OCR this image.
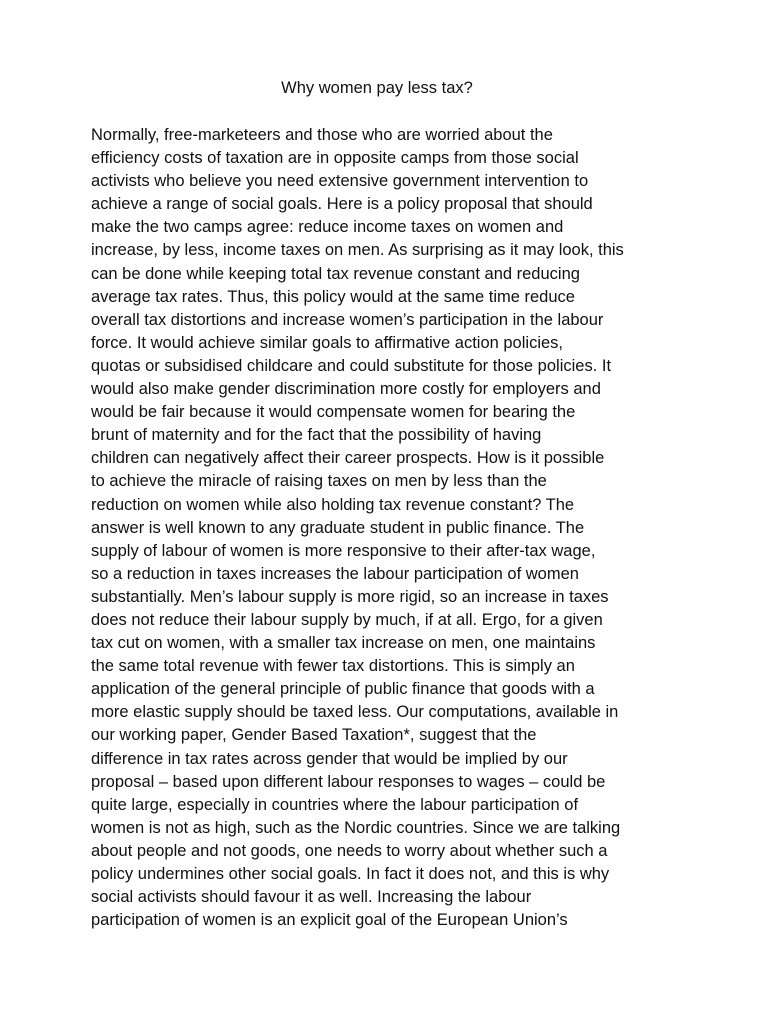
Why women pay less tax?
Normally, free-marketeers and those who are worried about the
efficiency costs of taxation are in opposite camps from those social
activists who believe you need extensive government intervention to
achieve a range of social goals. Here is a policy proposal that should
make the two camps agree: reduce income taxes on women and
increase, by less, income taxes on men. As surprising as it may look, this
can be done while keeping total tax revenue constant and reducing
average tax rates. Thus, this policy would at the same time reduce
overall tax distortions and increase women’s participation in the labour
force. It would achieve similar goals to affirmative action policies,
quotas or subsidised childcare and could substitute for those policies. It
would also make gender discrimination more costly for employers and
would be fair because it would compensate women for bearing the
brunt of maternity and for the fact that the possibility of having
children can negatively affect their career prospects. How is it possible
to achieve the miracle of raising taxes on men by less than the
reduction on women while also holding tax revenue constant? The
answer is well known to any graduate student in public finance. The
supply of labour of women is more responsive to their after-tax wage,
so a reduction in taxes increases the labour participation of women
substantially. Men’s labour supply is more rigid, so an increase in taxes
does not reduce their labour supply by much, if at all. Ergo, for a given
tax cut on women, with a smaller tax increase on men, one maintains
the same total revenue with fewer tax distortions. This is simply an
application of the general principle of public finance that goods with a
more elastic supply should be taxed less. Our computations, available in
our working paper, Gender Based Taxation*, suggest that the
difference in tax rates across gender that would be implied by our
proposal – based upon different labour responses to wages – could be
quite large, especially in countries where the labour participation of
women is not as high, such as the Nordic countries. Since we are talking
about people and not goods, one needs to worry about whether such a
policy undermines other social goals. In fact it does not, and this is why
social activists should favour it as well. Increasing the labour
participation of women is an explicit goal of the European Union’s
